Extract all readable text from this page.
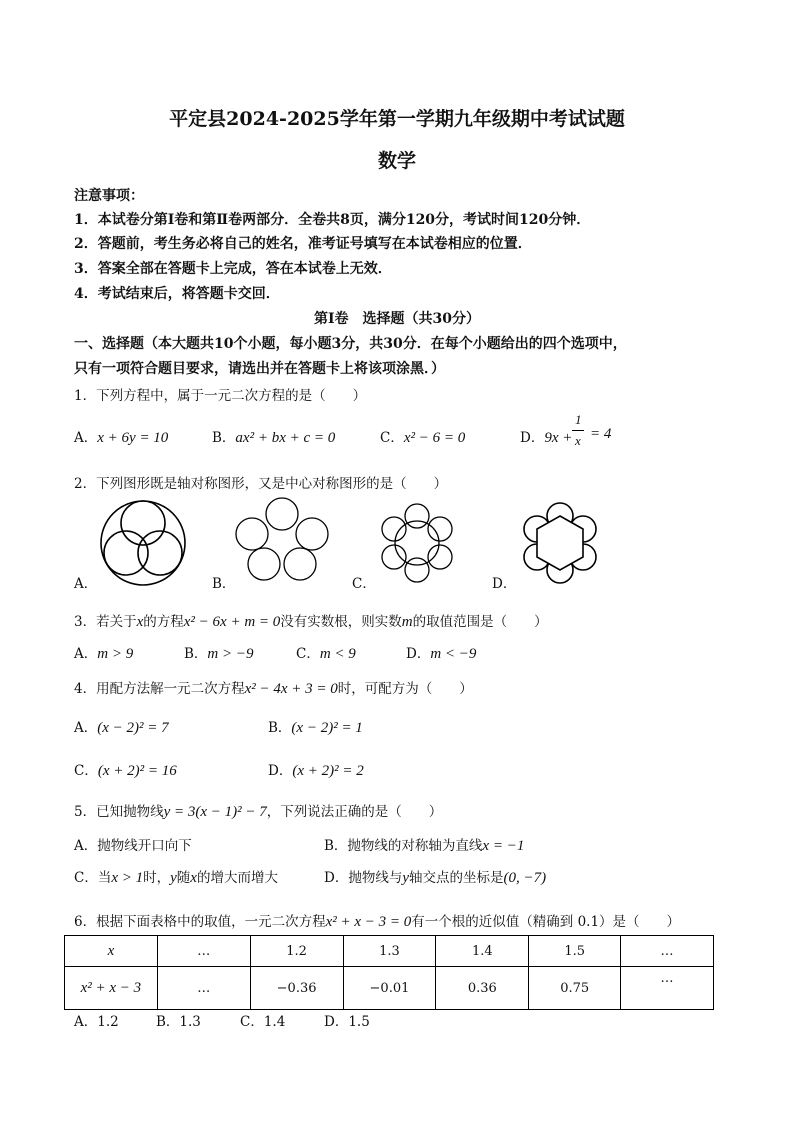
平定县2024-2025学年第一学期九年级期中考试试题
数学
注意事项：
1．本试卷分第Ⅰ卷和第Ⅱ卷两部分．全卷共8页，满分120分，考试时间120分钟．
2．答题前，考生务必将自己的姓名，准考证号填写在本试卷相应的位置．
3．答案全部在答题卡上完成，答在本试卷上无效．
4．考试结束后，将答题卡交回．
第Ⅰ卷　选择题（共30分）
一、选择题（本大题共10个小题，每小题3分，共30分．在每个小题给出的四个选项中，
只有一项符合题目要求，请选出并在答题卡上将该项涂黑．）
1．下列方程中，属于一元二次方程的是（　　）
A．x + 6y = 10	B．ax² + bx + c = 0	C．x² − 6 = 0	D．9x +
1
x = 4
2．下列图形既是轴对称图形，又是中心对称图形的是（　　）
A．	B．	C．	D．
3．若关于x的方程x² − 6x + m = 0没有实数根，则实数m的取值范围是（　　）
A．m > 9	B．m > −9	C．m < 9	D．m < −9
4．用配方法解一元二次方程x² − 4x + 3 = 0时，可配方为（　　）
A．(x − 2)² = 7	B．(x − 2)² = 1
C．(x + 2)² = 16	D．(x + 2)² = 2
5．已知抛物线y = 3(x − 1)² − 7，下列说法正确的是（　　）
A．抛物线开口向下	B．抛物线的对称轴为直线x = −1
C．当x > 1时，y随x的增大而增大	D．抛物线与y轴交点的坐标是(0, −7)
6．根据下面表格中的取值，一元二次方程x² + x − 3 = 0有一个根的近似值（精确到 0.1）是（　　）
x	…	1.2	1.3	1.4	1.5	…
x² + x − 3	…	−0.36	−0.01	0.36	0.75	…
A．1.2	B．1.3	C．1.4	D．1.5
